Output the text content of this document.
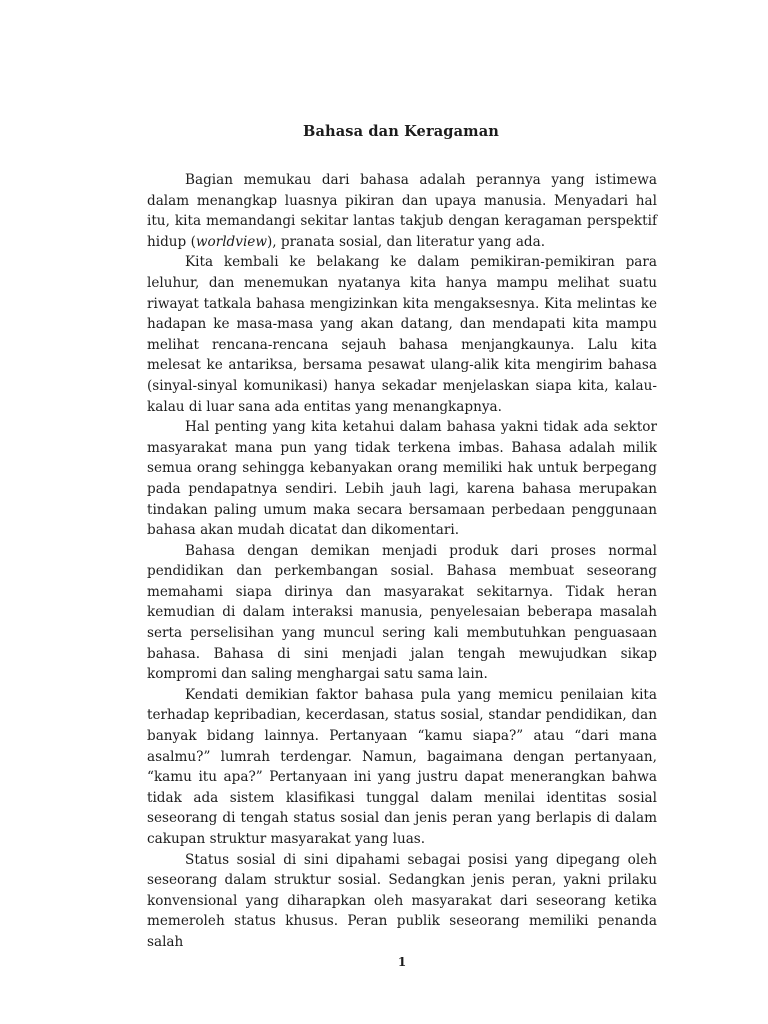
Bahasa dan Keragaman

Bagian memukau dari bahasa adalah perannya yang istimewa dalam menangkap luasnya pikiran dan upaya manusia. Menyadari hal itu, kita memandangi sekitar lantas takjub dengan keragaman perspektif hidup (worldview), pranata sosial, dan literatur yang ada.

Kita kembali ke belakang ke dalam pemikiran-pemikiran para leluhur, dan menemukan nyatanya kita hanya mampu melihat suatu riwayat tatkala bahasa mengizinkan kita mengaksesnya. Kita melintas ke hadapan ke masa-masa yang akan datang, dan mendapati kita mampu melihat rencana-rencana sejauh bahasa menjangkaunya. Lalu kita melesat ke antariksa, bersama pesawat ulang-alik kita mengirim bahasa (sinyal-sinyal komunikasi) hanya sekadar menjelaskan siapa kita, kalau-kalau di luar sana ada entitas yang menangkapnya.

Hal penting yang kita ketahui dalam bahasa yakni tidak ada sektor masyarakat mana pun yang tidak terkena imbas. Bahasa adalah milik semua orang sehingga kebanyakan orang memiliki hak untuk berpegang pada pendapatnya sendiri. Lebih jauh lagi, karena bahasa merupakan tindakan paling umum maka secara bersamaan perbedaan penggunaan bahasa akan mudah dicatat dan dikomentari.

Bahasa dengan demikan menjadi produk dari proses normal pendidikan dan perkembangan sosial. Bahasa membuat seseorang memahami siapa dirinya dan masyarakat sekitarnya. Tidak heran kemudian di dalam interaksi manusia, penyelesaian beberapa masalah serta perselisihan yang muncul sering kali membutuhkan penguasaan bahasa. Bahasa di sini menjadi jalan tengah mewujudkan sikap kompromi dan saling menghargai satu sama lain.

Kendati demikian faktor bahasa pula yang memicu penilaian kita terhadap kepribadian, kecerdasan, status sosial, standar pendidikan, dan banyak bidang lainnya. Pertanyaan “kamu siapa?” atau “dari mana asalmu?” lumrah terdengar. Namun, bagaimana dengan pertanyaan, “kamu itu apa?” Pertanyaan ini yang justru dapat menerangkan bahwa tidak ada sistem klasifikasi tunggal dalam menilai identitas sosial seseorang di tengah status sosial dan jenis peran yang berlapis di dalam cakupan struktur masyarakat yang luas.

Status sosial di sini dipahami sebagai posisi yang dipegang oleh seseorang dalam struktur sosial. Sedangkan jenis peran, yakni prilaku konvensional yang diharapkan oleh masyarakat dari seseorang ketika memeroleh status khusus. Peran publik seseorang memiliki penanda salah

1
